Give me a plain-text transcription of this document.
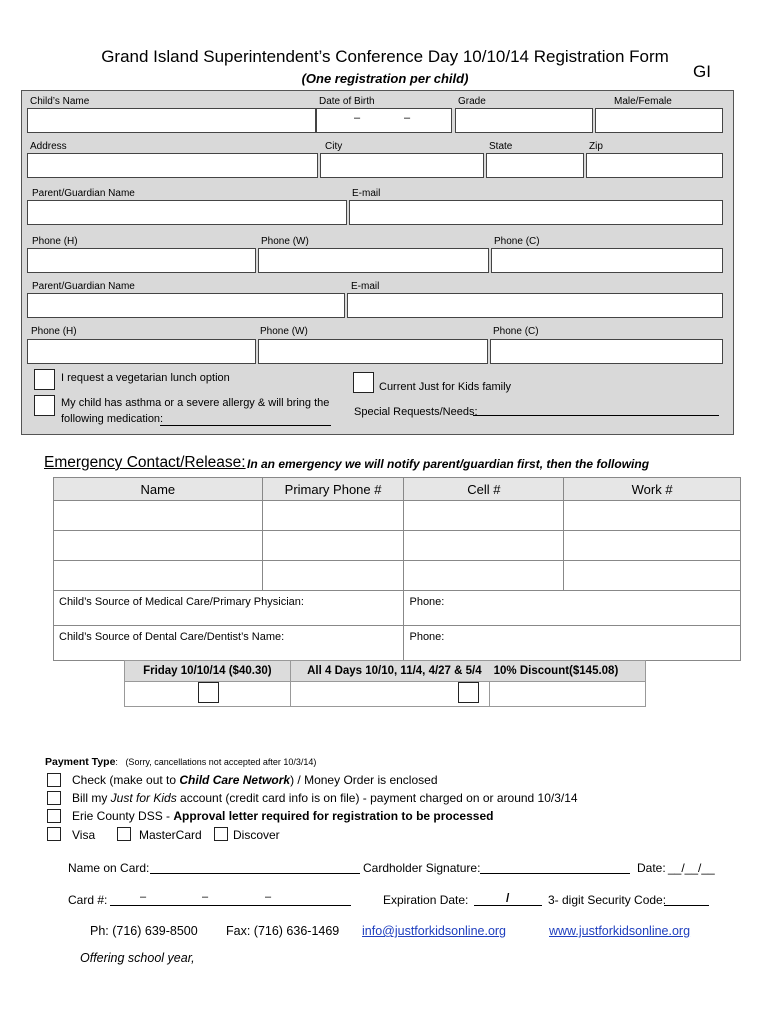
Grand Island Superintendent’s Conference Day 10/10/14 Registration Form
(One registration per child)	GI
Child’s Name	Date of Birth	Grade	Male/Female
–	–
Address	City	State	Zip
Parent/Guardian Name	E-mail
Phone (H)	Phone (W)	Phone (C)
Parent/Guardian Name	E-mail
Phone (H)	Phone (W)	Phone (C)
I request a vegetarian lunch option
My child has asthma or a severe allergy & will bring the
following medication:
Current Just for Kids family
Special Requests/Needs:
Emergency Contact/Release: In an emergency we will notify parent/guardian first, then the following
Name	Primary Phone #	Cell #	Work #

Child’s Source of Medical Care/Primary Physician:		Phone:	
Child’s Source of Dental Care/Dentist’s Name:		Phone:	
Friday 10/10/14 ($40.30)	All 4 Days 10/10, 11/4, 4/27 & 5/4	10% Discount($145.08)

Payment Type:   (Sorry, cancellations not accepted after 10/3/14)
Check (make out to Child Care Network) / Money Order is enclosed
Bill my Just for Kids account (credit card info is on file) - payment charged on or around 10/3/14
Erie County DSS - Approval letter required for registration to be processed
Visa	MasterCard	Discover
Name on Card:	Cardholder Signature:	Date: __/__/__
Card #:	–	–	–	Expiration Date:	/	3- digit Security Code:
Ph: (716) 639-8500 Fax: (716) 636-1469 info@justforkidsonline.org	www.justforkidsonline.org
Offering school year,
